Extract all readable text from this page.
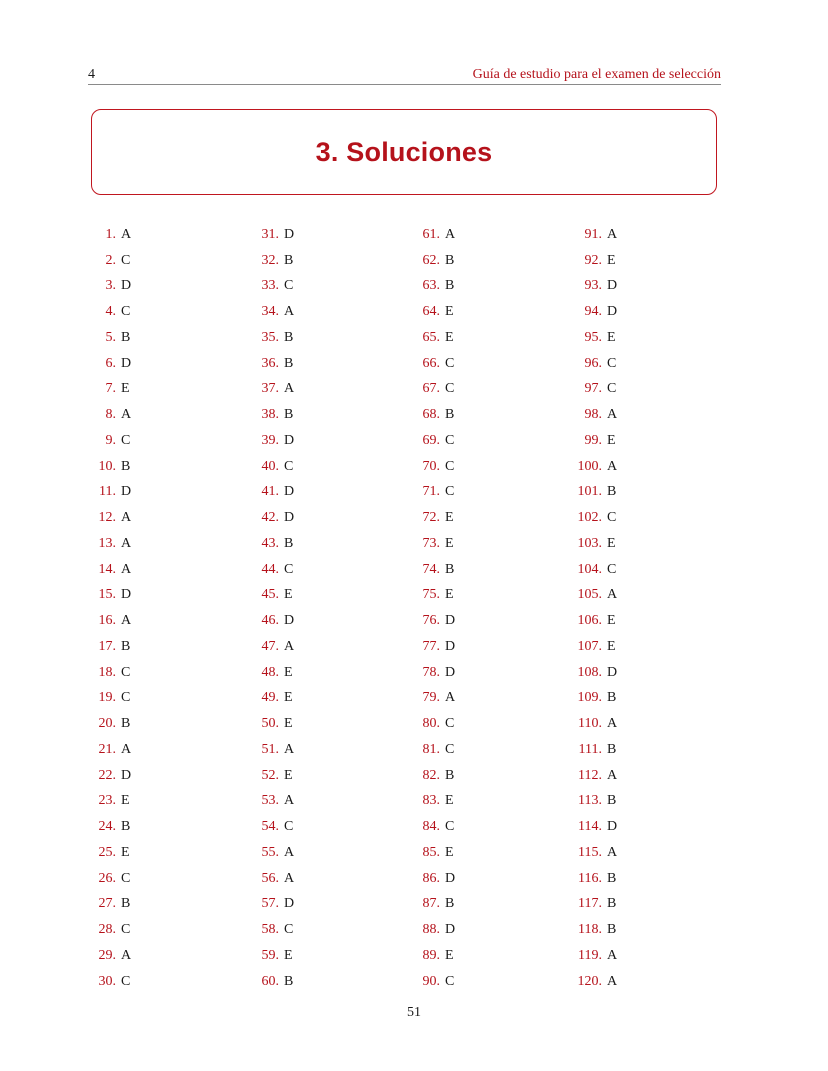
4	Guía de estudio para el examen de selección
3. Soluciones
1. A
2. C
3. D
4. C
5. B
6. D
7. E
8. A
9. C
10. B
11. D
12. A
13. A
14. A
15. D
16. A
17. B
18. C
19. C
20. B
21. A
22. D
23. E
24. B
25. E
26. C
27. B
28. C
29. A
30. C
31. D
32. B
33. C
34. A
35. B
36. B
37. A
38. B
39. D
40. C
41. D
42. D
43. B
44. C
45. E
46. D
47. A
48. E
49. E
50. E
51. A
52. E
53. A
54. C
55. A
56. A
57. D
58. C
59. E
60. B
61. A
62. B
63. B
64. E
65. E
66. C
67. C
68. B
69. C
70. C
71. C
72. E
73. E
74. B
75. E
76. D
77. D
78. D
79. A
80. C
81. C
82. B
83. E
84. C
85. E
86. D
87. B
88. D
89. E
90. C
91. A
92. E
93. D
94. D
95. E
96. C
97. C
98. A
99. E
100. A
101. B
102. C
103. E
104. C
105. A
106. E
107. E
108. D
109. B
110. A
111. B
112. A
113. B
114. D
115. A
116. B
117. B
118. B
119. A
120. A
51
